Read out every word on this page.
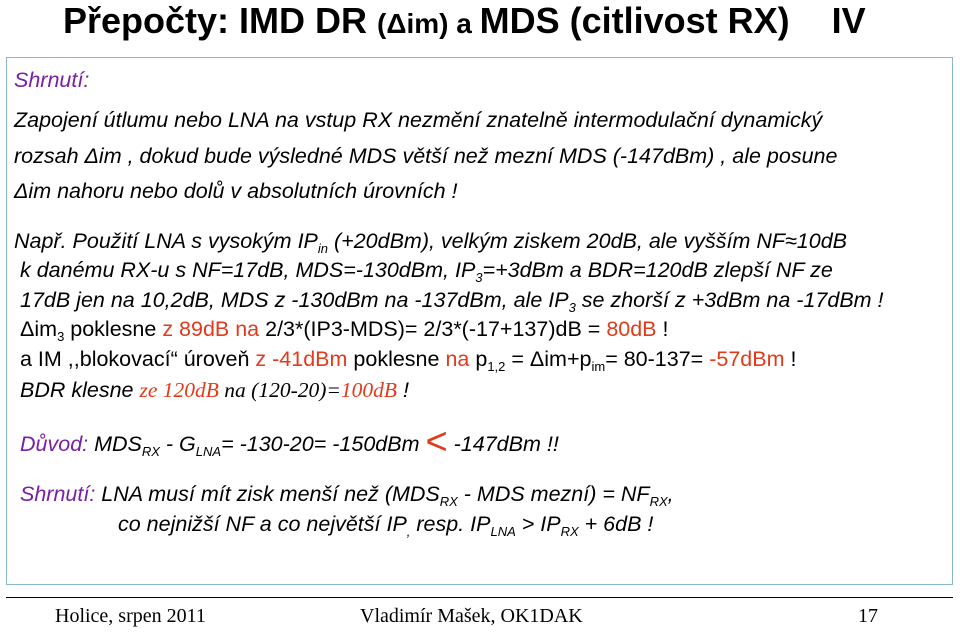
Přepočty: IMD DR (Δim) a MDS (citlivost RX) IV
Shrnutí:
Zapojení útlumu nebo LNA na vstup RX nezmění znatelně intermodulační dynamický
rozsah Δim , dokud bude výsledné MDS větší než mezní MDS (-147dBm) , ale posune
Δim nahoru nebo dolů v absolutních úrovních !
Např. Použití LNA s vysokým $IP_{in}$ (+20dBm), velkým ziskem 20dB, ale vyšším NF≈10dB
k danému RX-u s NF=17dB, MDS=-130dBm, $IP_3=+3dBm$ a BDR=120dB zlepší NF ze
17dB jen na 10,2dB, MDS z -130dBm na -137dBm, ale $IP_3$ se zhorší z +3dBm na -17dBm !
Δim$_3$ poklesne z 89dB na 2/3*(IP3-MDS)= 2/3*(-17+137)dB = 80dB !
a IM ,,blokovací“ úroveň z -41dBm poklesne na $p_{1,2} = \Delta im+p_{im}= 80-137= -57dBm$ !
BDR klesne ze 120dB na (120-20)=100dB !
Důvod: $MDS_{RX} - G_{LNA}= -130-20= -150dBm < -147dBm$ !!
Shrnutí: LNA musí mít zisk menší než ($MDS_{RX}$ - MDS mezní) = $NF_{RX}$,
co nejnižší NF a co největší $IP_,$ resp. $IP_{LNA} > IP_{RX} + 6dB$ !
Holice, srpen 2011	Vladimír Mašek, OK1DAK	17
